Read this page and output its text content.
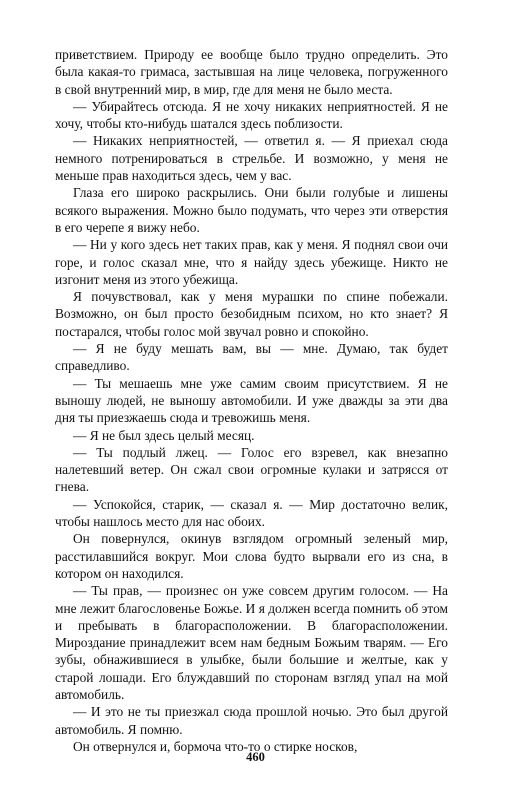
приветствием. Природу ее вообще было трудно определить. Это была какая-то гримаса, застывшая на лице человека, погруженного в свой внутренний мир, в мир, где для меня не было места.

— Убирайтесь отсюда. Я не хочу никаких неприятностей. Я не хочу, чтобы кто-нибудь шатался здесь поблизости.

— Никаких неприятностей, — ответил я. — Я приехал сюда немного потренироваться в стрельбе. И возможно, у меня не меньше прав находиться здесь, чем у вас.

Глаза его широко раскрылись. Они были голубые и лишены всякого выражения. Можно было подумать, что через эти отверстия в его черепе я вижу небо.

— Ни у кого здесь нет таких прав, как у меня. Я поднял свои очи горе, и голос сказал мне, что я найду здесь убежище. Никто не изгонит меня из этого убежища.

Я почувствовал, как у меня мурашки по спине побежали. Возможно, он был просто безобидным психом, но кто знает? Я постарался, чтобы голос мой звучал ровно и спокойно.

— Я не буду мешать вам, вы — мне. Думаю, так будет справедливо.

— Ты мешаешь мне уже самим своим присутствием. Я не выношу людей, не выношу автомобили. И уже дважды за эти два дня ты приезжаешь сюда и тревожишь меня.

— Я не был здесь целый месяц.

— Ты подлый лжец. — Голос его взревел, как внезапно налетевший ветер. Он сжал свои огромные кулаки и затрясся от гнева.

— Успокойся, старик, — сказал я. — Мир достаточно велик, чтобы нашлось место для нас обоих.

Он повернулся, окинув взглядом огромный зеленый мир, расстилавшийся вокруг. Мои слова будто вырвали его из сна, в котором он находился.

— Ты прав, — произнес он уже совсем другим голосом. — На мне лежит благословенье Божье. И я должен всегда помнить об этом и пребывать в благорасположении. В благорасположении. Мироздание принадлежит всем нам бедным Божьим тварям. — Его зубы, обнажившиеся в улыбке, были большие и желтые, как у старой лошади. Его блуждавший по сторонам взгляд упал на мой автомобиль.

— И это не ты приезжал сюда прошлой ночью. Это был другой автомобиль. Я помню.

Он отвернулся и, бормоча что-то о стирке носков,

460
